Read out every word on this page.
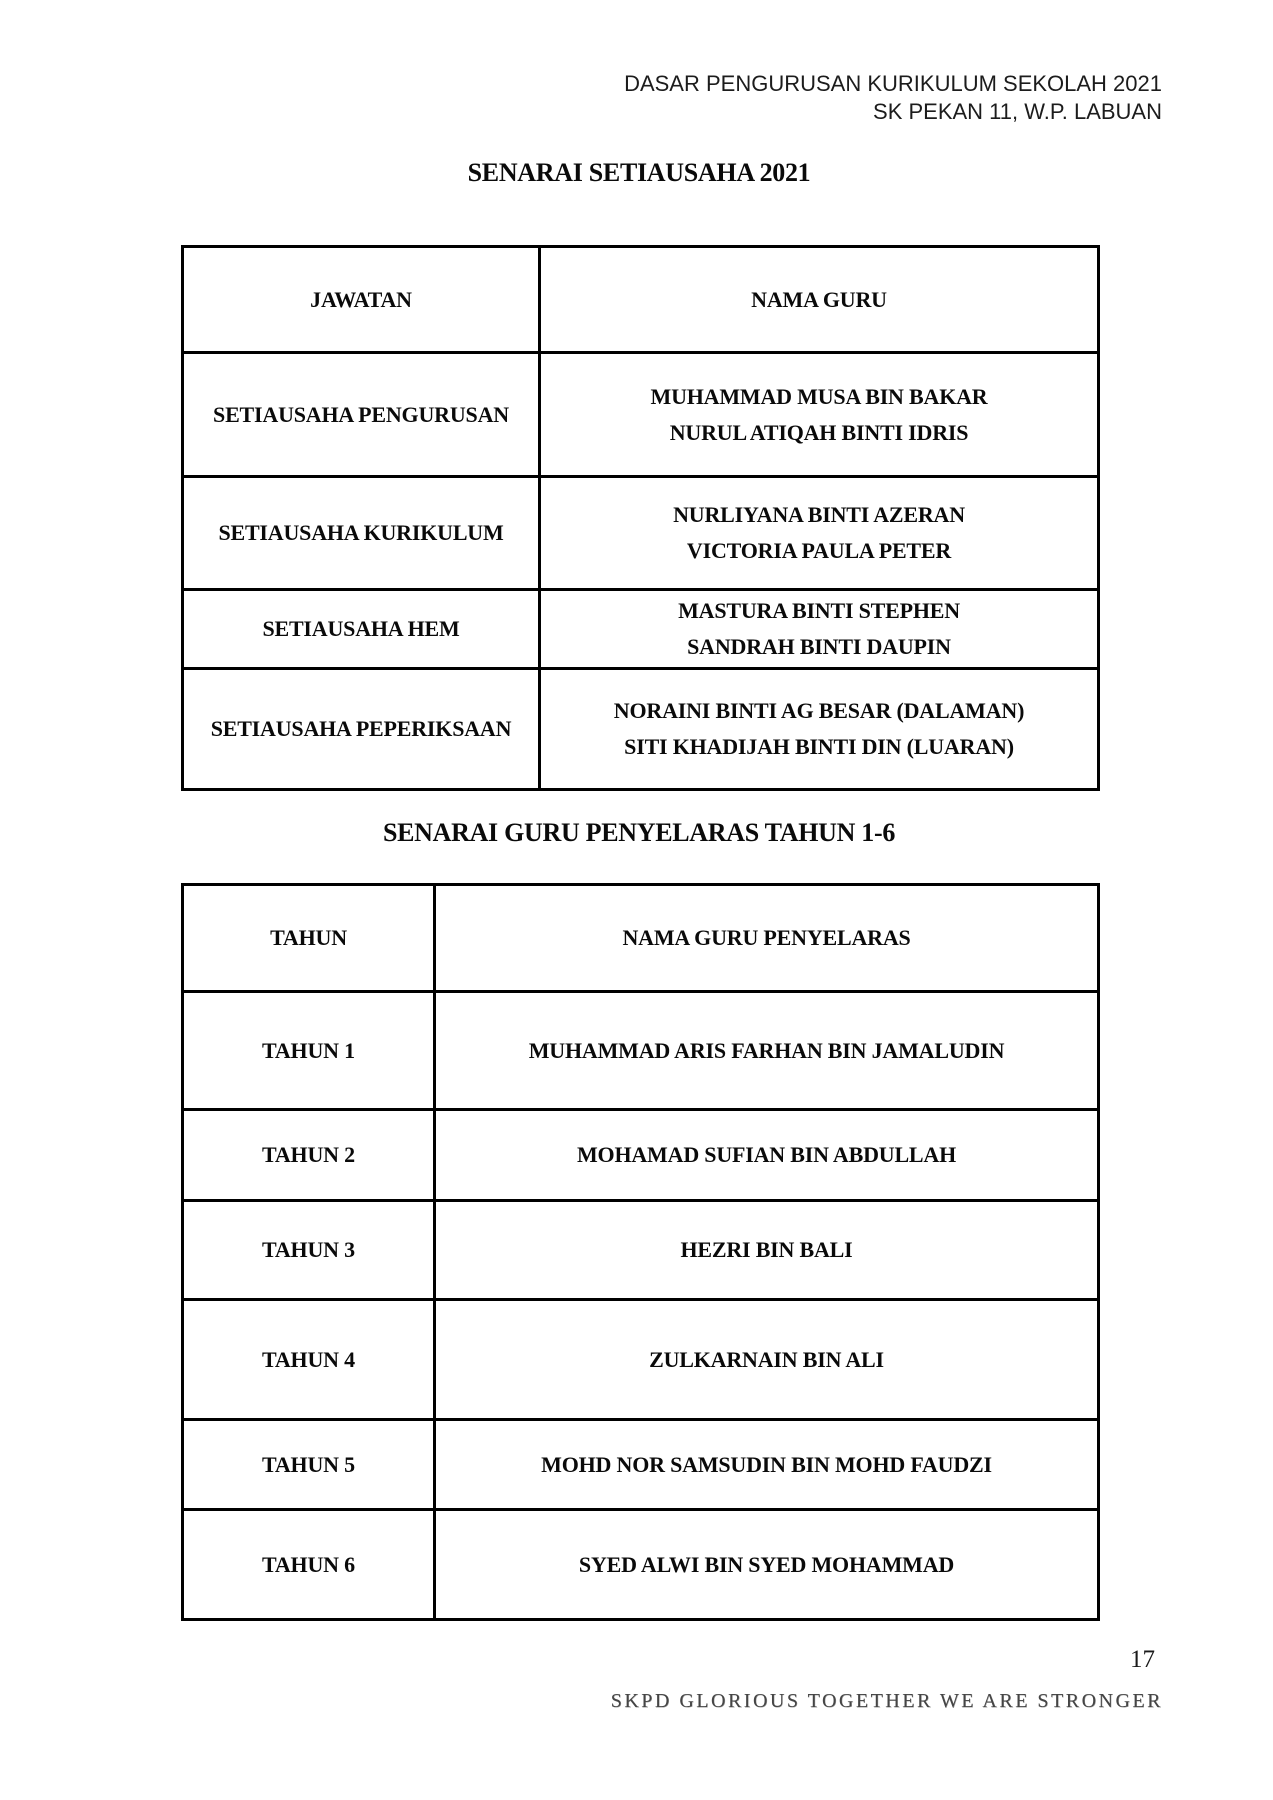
DASAR PENGURUSAN KURIKULUM SEKOLAH 2021
SK PEKAN 11, W.P. LABUAN
SENARAI SETIAUSAHA 2021
JAWATAN	NAMA GURU

SETIAUSAHA PENGURUSAN	MUHAMMAD MUSA BIN BAKAR
NURUL ATIQAH BINTI IDRIS

SETIAUSAHA KURIKULUM	NURLIYANA BINTI AZERAN
VICTORIA PAULA PETER

SETIAUSAHA HEM	MASTURA BINTI STEPHEN
SANDRAH BINTI DAUPIN

SETIAUSAHA PEPERIKSAAN	NORAINI BINTI AG BESAR (DALAMAN)
SITI KHADIJAH BINTI DIN (LUARAN)
SENARAI GURU PENYELARAS TAHUN 1-6
TAHUN	NAMA GURU PENYELARAS

TAHUN 1	MUHAMMAD ARIS FARHAN BIN JAMALUDIN

TAHUN 2	MOHAMAD SUFIAN BIN ABDULLAH

TAHUN 3	HEZRI BIN BALI

TAHUN 4	ZULKARNAIN BIN ALI

TAHUN 5	MOHD NOR SAMSUDIN BIN MOHD FAUDZI

TAHUN 6	SYED ALWI BIN SYED MOHAMMAD
17
SKPD GLORIOUS TOGETHER WE ARE STRONGER
